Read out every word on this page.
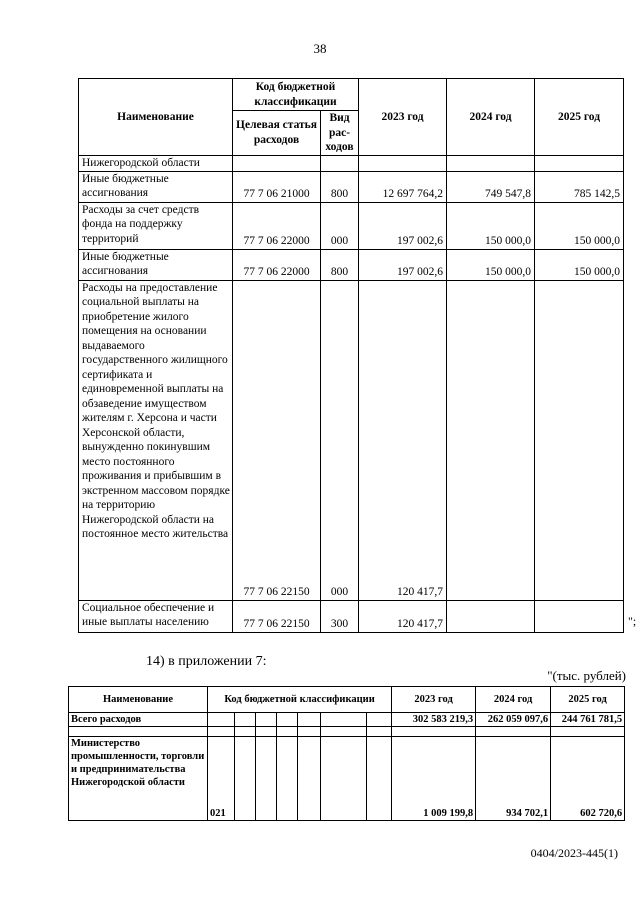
38
Наименование	Код бюджетной классификации		2023 год	2024 год	2025 год
	Целевая статья расходов	Вид рас-ходов			
Нижегородской области					
Иные бюджетные ассигнования	77 7 06 21000	800	12 697 764,2	749 547,8	785 142,5
Расходы за счет средств фонда на поддержку территорий	77 7 06 22000	000	197 002,6	150 000,0	150 000,0
Иные бюджетные ассигнования	77 7 06 22000	800	197 002,6	150 000,0	150 000,0
Расходы на предоставление социальной выплаты на приобретение жилого помещения на основании выдаваемого государственного жилищного сертификата и единовременной выплаты на обзаведение имуществом жителям г. Херсона и части Херсонской области, вынужденно покинувшим место постоянного проживания и прибывшим в экстренном массовом порядке на территорию Нижегородской области на постоянное место жительства	77 7 06 22150	000	120 417,7		
Социальное обеспечение и иные выплаты населению	77 7 06 22150	300	120 417,7			";
14) в приложении 7:
"(тыс. рублей)
Наименование	Код бюджетной классификации							2023 год	2024 год	2025 год
Всего расходов								302 583 219,3	262 059 097,6	244 761 781,5

Министерство промышленности, торговли и предпринимательства Нижегородской области	021							1 009 199,8	934 702,1	602 720,6
0404/2023-445(1)
